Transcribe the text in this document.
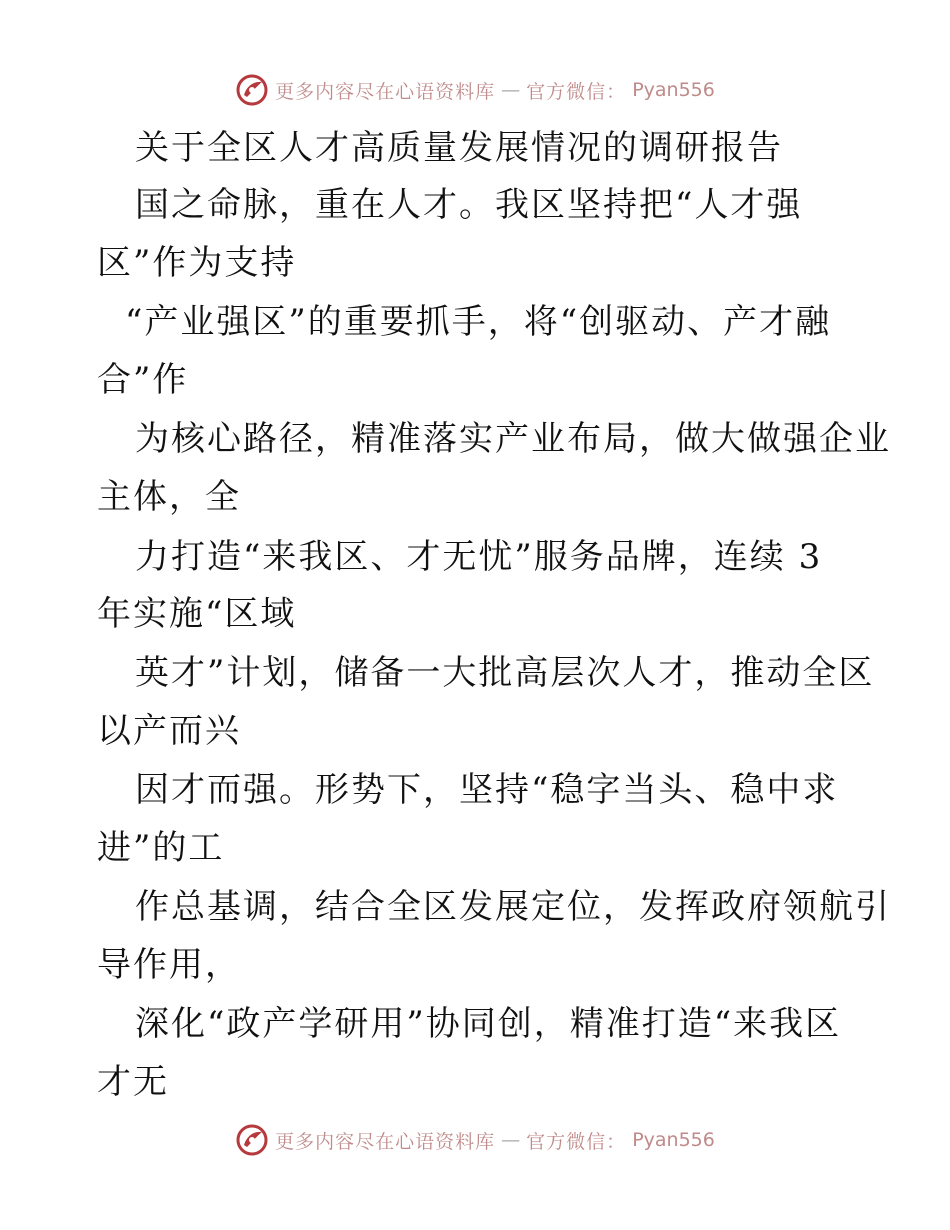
更多内容尽在心语资料库 — 官方微信： Pyan556
关于全区人才高质量发展情况的调研报告
国之命脉，重在人才。我区坚持把“人才强
区”作为支持
“产业强区”的重要抓手，将“创驱动、产才融
合”作
为核心路径，精准落实产业布局，做大做强企业
主体，全
力打造“来我区、才无忧”服务品牌，连续 3
年实施“区域
英才”计划，储备一大批高层次人才，推动全区
以产而兴
因才而强。形势下，坚持“稳字当头、稳中求
进”的工
作总基调，结合全区发展定位，发挥政府领航引
导作用，
深化“政产学研用”协同创，精准打造“来我区
才无
更多内容尽在心语资料库 — 官方微信： Pyan556
